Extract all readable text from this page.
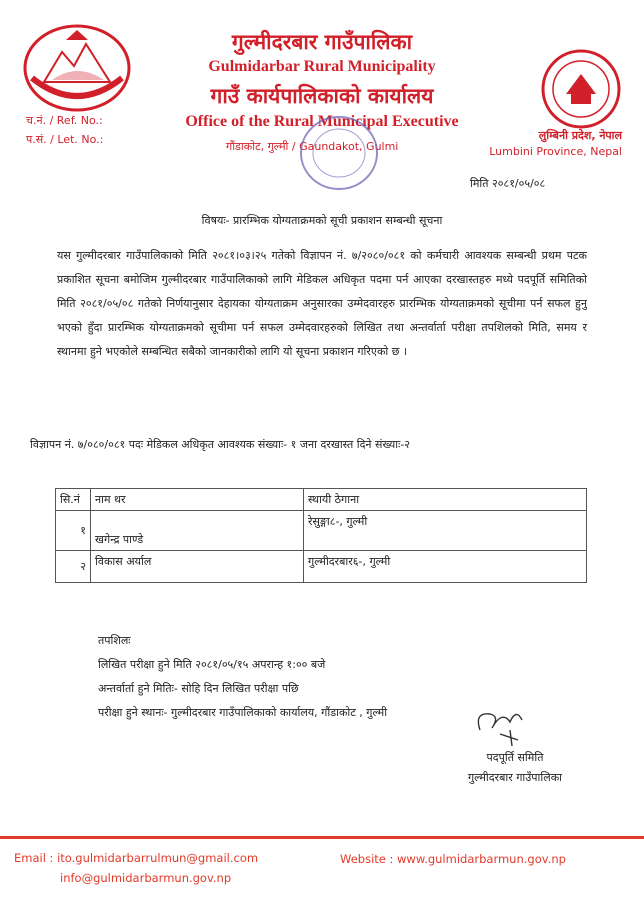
गुल्मीदरबार गाउँपालिका
Gulmidarbar Rural Municipality
गाउँ कार्यपालिकाको कार्यालय
Office of the Rural Municipal Executive
गौंडाकोट, गुल्मी / Gaundakot, Gulmi
च.नं. / Ref. No.:
प.सं. / Let. No.:	लुम्बिनी प्रदेश, नेपाल
Lumbini Province, Nepal
मिति २०८१/०५/०८
विषयः- प्रारम्भिक योग्यताक्रमको सूची प्रकाशन सम्बन्धी सूचना
यस गुल्मीदरबार गाउँपालिकाको मिति २०८१।०३।२५ गतेको विज्ञापन नं. ७/२०८०/०८१ को कर्मचारी आवश्यक सम्बन्धी प्रथम पटक प्रकाशित सूचना बमोजिम गुल्मीदरबार गाउँपालिकाको लागि मेडिकल अधिकृत पदमा पर्न आएका दरखास्तहरु मध्ये पदपूर्ति समितिको मिति २०८१/०५/०८ गतेको निर्णयानुसार देहायका योग्यताक्रम अनुसारका उम्मेदवारहरु प्रारम्भिक योग्यताक्रमको सूचीमा पर्न सफल हुनु भएको हुँदा प्रारम्भिक योग्यताक्रमको सूचीमा पर्न सफल उम्मेदवारहरुको लिखित तथा अन्तर्वार्ता परीक्षा तपशिलको मिति, समय र स्थानमा हुने भएकोले सम्बन्धित सबैको जानकारीको लागि यो सूचना प्रकाशन गरिएको छ ।
विज्ञापन नं. ७/०८०/०८१ पदः मेडिकल अधिकृत आवश्यक संख्याः- १ जना दरखास्त दिने संख्याः-२
सि.नं	नाम थर	स्थायी ठेगाना
१	खगेन्द्र पाण्डे	रेसुङ्गा८-, गुल्मी
२	विकास अर्याल	गुल्मीदरबार६-, गुल्मी
तपशिलः
लिखित परीक्षा हुने मिति २०८१/०५/१५ अपरान्ह १:०० बजे
अन्तर्वार्ता हुने मितिः- सोहि दिन लिखित परीक्षा पछि
परीक्षा हुने स्थानः- गुल्मीदरबार गाउँपालिकाको कार्यालय, गौंडाकोट , गुल्मी
पदपूर्ति समिति
गुल्मीदरबार गाउँपालिका
Email : ito.gulmidarbarrulmun@gmail.com
info@gulmidarbarmun.gov.np
Website : www.gulmidarbarmun.gov.np
